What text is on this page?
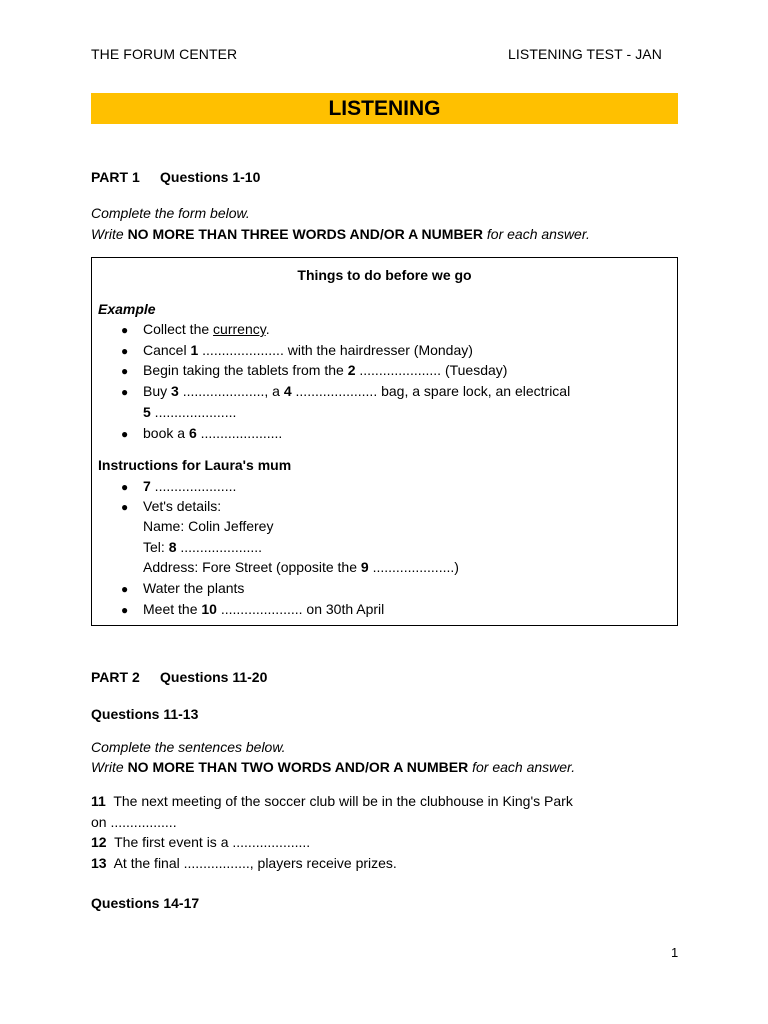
THE FORUM CENTER	LISTENING TEST - JAN
LISTENING
PART 1 Questions 1-10
Complete the form below.
Write NO MORE THAN THREE WORDS AND/OR A NUMBER for each answer.
Things to do before we go
Example
● Collect the currency.
● Cancel 1 ..................... with the hairdresser (Monday)
● Begin taking the tablets from the 2 ..................... (Tuesday)
● Buy 3 ....................., a 4 ..................... bag, a spare lock, an electrical
5 .....................
● book a 6 .....................
Instructions for Laura's mum
● 7 .....................
● Vet's details:
Name: Colin Jefferey
Tel: 8 .....................
Address: Fore Street (opposite the 9 .....................)
● Water the plants
● Meet the 10 ..................... on 30th April
PART 2 Questions 11-20
Questions 11-13
Complete the sentences below.
Write NO MORE THAN TWO WORDS AND/OR A NUMBER for each answer.
11  The next meeting of the soccer club will be in the clubhouse in King's Park
on .................
12  The first event is a ....................
13  At the final ................., players receive prizes.
Questions 14-17
1
